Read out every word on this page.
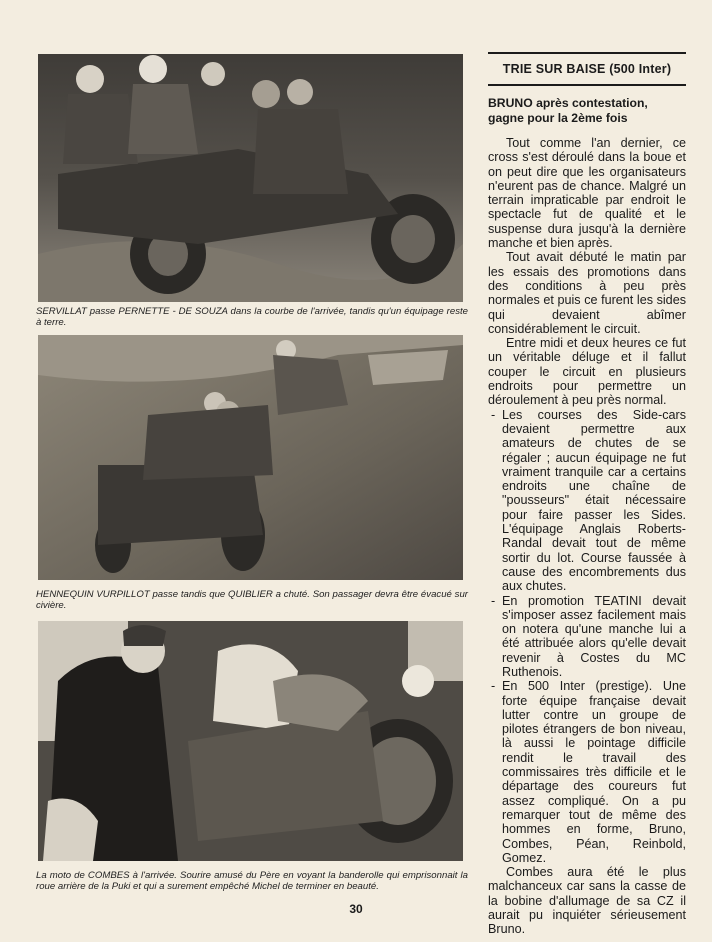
SERVILLAT passe PERNETTE - DE SOUZA dans la courbe de l'arrivée, tandis qu'un équipage reste à terre.
HENNEQUIN VURPILLOT passe tandis que QUIBLIER a chuté. Son passager devra être évacué sur civière.
La moto de COMBES à l'arrivée. Sourire amusé du Père en voyant la banderolle qui emprisonnait la roue arrière de la Puki et qui a surement empêché Michel de terminer en beauté.
TRIE SUR BAISE (500 Inter)
BRUNO après contestation, gagne pour la 2ème fois

Tout comme l'an dernier, ce cross s'est déroulé dans la boue et on peut dire que les organisateurs n'eurent pas de chance. Malgré un terrain impraticable par endroit le spectacle fut de qualité et le suspense dura jusqu'à la dernière manche et bien après.

Tout avait débuté le matin par les essais des promotions dans des conditions à peu près normales et puis ce furent les sides qui devaient abîmer considérablement le circuit.

Entre midi et deux heures ce fut un véritable déluge et il fallut couper le circuit en plusieurs endroits pour permettre un déroulement à peu près normal.

- Les courses des Side-cars devaient permettre aux amateurs de chutes de se régaler ; aucun équipage ne fut vraiment tranquile car a certains endroits une chaîne de "pousseurs" était nécessaire pour faire passer les Sides. L'équipage Anglais Roberts-Randal devait tout de même sortir du lot. Course faussée à cause des encombrements dus aux chutes.

- En promotion TEATINI devait s'imposer assez facilement mais on notera qu'une manche lui a été attribuée alors qu'elle devait revenir à Costes du MC Ruthenois.

- En 500 Inter (prestige). Une forte équipe française devait lutter contre un groupe de pilotes étrangers de bon niveau, là aussi le pointage difficile rendit le travail des commissaires très difficile et le départage des coureurs fut assez compliqué. On a pu remarquer tout de même des hommes en forme, Bruno, Combes, Péan, Reinbold, Gomez.

Combes aura été le plus malchanceux car sans la casse de la bobine d'allumage de sa CZ il aurait pu inquiéter sérieusement Bruno.

30
